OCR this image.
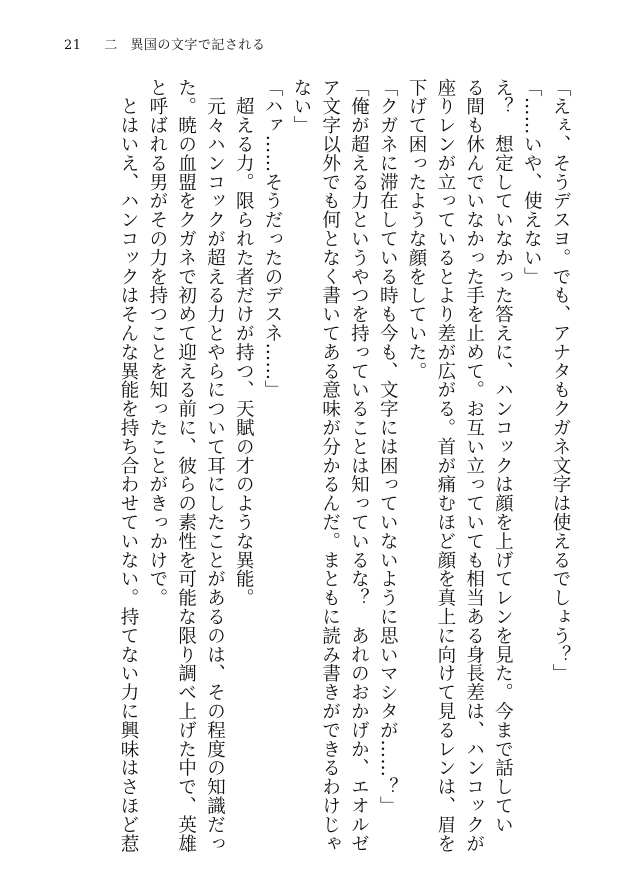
21 二 異国の文字で記される
「えぇ、そうデスヨ。でも、アナタもクガネ文字は使えるでしょう？」
「……いや、使えない」
え？　想定していなかった答えに、ハンコックは顔を上げてレンを見た。今まで話してい
る間も休んでいなかった手を止めて。お互い立っていても相当ある身長差は、ハンコックが
座りレンが立っているとより差が広がる。首が痛むほど顔を真上に向けて見るレンは、眉を
下げて困ったような顔をしていた。
「クガネに滞在している時も今も、文字には困っていないように思いマシタが……？」
「俺が超える力というやつを持っていることは知っているな？　あれのおかげか、エオルゼ
ア文字以外でも何となく書いてある意味が分かるんだ。まともに読み書きができるわけじゃ
ない」
「ハァ……そうだったのデスネ……」
　超える力。限られた者だけが持つ、天賦の才のような異能。
　元々ハンコックが超える力とやらについて耳にしたことがあるのは、その程度の知識だっ
た。暁の血盟をクガネで初めて迎える前に、彼らの素性を可能な限り調べ上げた中で、英雄
と呼ばれる男がその力を持つことを知ったことがきっかけで。
　とはいえ、ハンコックはそんな異能を持ち合わせていない。持てない力に興味はさほど惹
